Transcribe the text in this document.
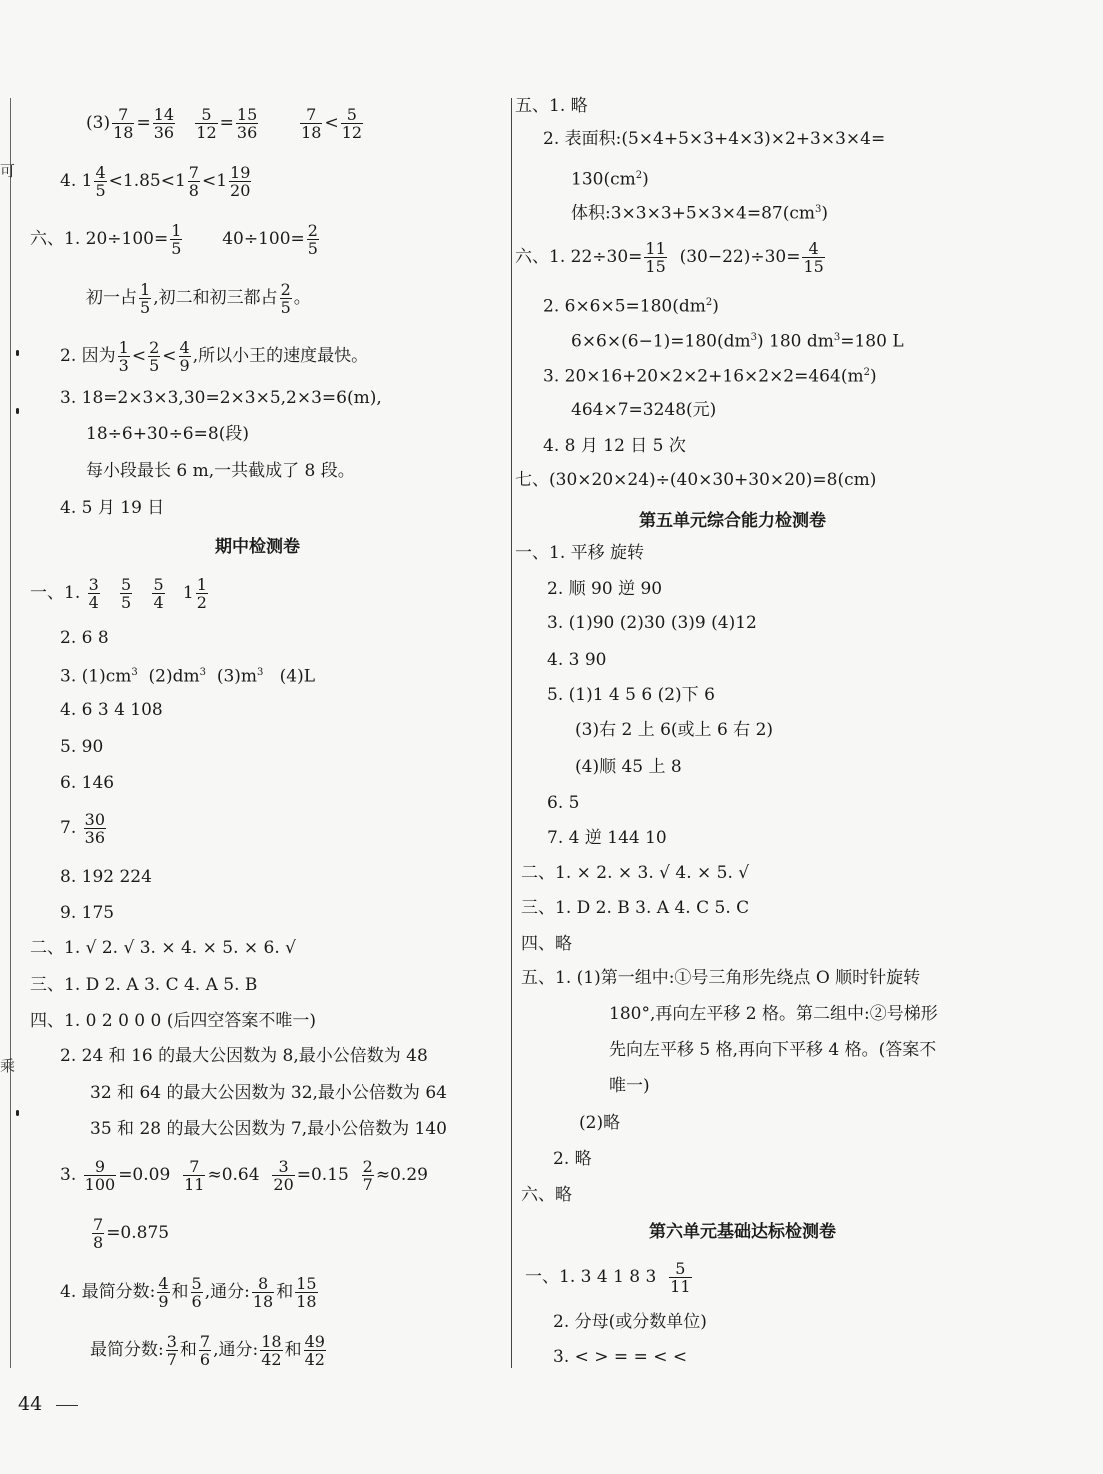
可
乘
$(3) \frac{7}{18} = \frac{14}{36}$
$\frac{5}{12} = \frac{15}{36}$
	$\frac{7}{18} < \frac{5}{12}$
4. $1 \frac{4}{5} <1.85<1 \frac{7}{8} <1 \frac{19}{20}$
六、1. $20\div 100= \frac{1}{5} 40\div 100= \frac{2}{5}$
初一占 $\frac{1}{5}$ ,初二和初三都占 $\frac{2}{5}$ 。
2. 因为 $\frac{1}{3} < \frac{2}{5} < \frac{4}{9}$ ,所以小王的速度最快。
3. 18=2×3×3,30=2×3×5,2×3=6(m),
18÷6+30÷6=8(段)
每小段最长 6 m,一共截成了 8 段。
4. 5 月 19 日
期中检测卷
一、1. $\frac{3}{4}$
$\frac{5}{5}$
$\frac{5}{4} 1 \frac{1}{2}$
2. 6 8
3. $(1)cm^3$ $(2)dm^3$ $(3)m^3$ (4)L
4. 6 3 4 108
5. 90
6. 146
7. $\frac{30}{36}$
8. 192 224
9. 175
二、1. √ 2. √ 3. × 4. × 5. × 6. √
三、1. D 2. A 3. C 4. A 5. B
四、1. 0 2 0 0 0 (后四空答案不唯一)
2. 24 和 16 的最大公因数为 8,最小公倍数为 48
32 和 64 的最大公因数为 32,最小公倍数为 64
35 和 28 的最大公因数为 7,最小公倍数为 140
3. $\frac{9}{100} =0.09 \frac{7}{11} \approx 0.64 \frac{3}{20} =0.15 \frac{2}{7} \approx 0.29$
$\frac{7}{8} =0.875$
4. 最简分数: $\frac{4}{9}$ 和 $\frac{5}{6}$ ,通分: $\frac{8}{18}$ 和 $\frac{15}{18}$
最简分数: $\frac{3}{7}$ 和 $\frac{7}{6}$ ,通分: $\frac{18}{42}$ 和 $\frac{49}{42}$
五、1. 略
2. 表面积:(5×4+5×3+4×3)×2+3×3×4=
$130(cm^2)$
体积$:3\times 3\times 3+5\times 3\times 4=87(cm^3)$
六、1. $22\div 30= \frac{11}{15} (30-22)\div 30= \frac{4}{15}$
2. $6\times 6\times 5=180(dm^2)$
$6\times 6\times(6-1)=180(dm^3)$ 180 $dm^3=180$ L
3. $20\times 16+20\times 2\times 2+16\times 2\times 2=464(m^2)$
464×7=3248(元)
4. 8 月 12 日 5 次
七、(30×20×24)÷(40×30+30×20)=8(cm)
第五单元综合能力检测卷
一、1. 平移 旋转
2. 顺 90 逆 90
3. (1)90 (2)30 (3)9 (4)12
4. 3 90
5. (1)1 4 5 6 (2)下 6
(3)右 2 上 6(或上 6 右 2)
(4)顺 45 上 8
6. 5
7. 4 逆 144 10
二、1. × 2. × 3. √ 4. × 5. √
三、1. D 2. B 3. A 4. C 5. C
四、略
五、1. (1)第一组中:①号三角形先绕点 O 顺时针旋转
180°,再向左平移 2 格。第二组中:②号梯形
先向左平移 5 格,再向下平移 4 格。(答案不
唯一)
(2)略
2. 略
六、略
第六单元基础达标检测卷
一、1. 3 4 1 8 $3 \frac{5}{11}$
2. 分母(或分数单位)
3. < > = = < <
44
